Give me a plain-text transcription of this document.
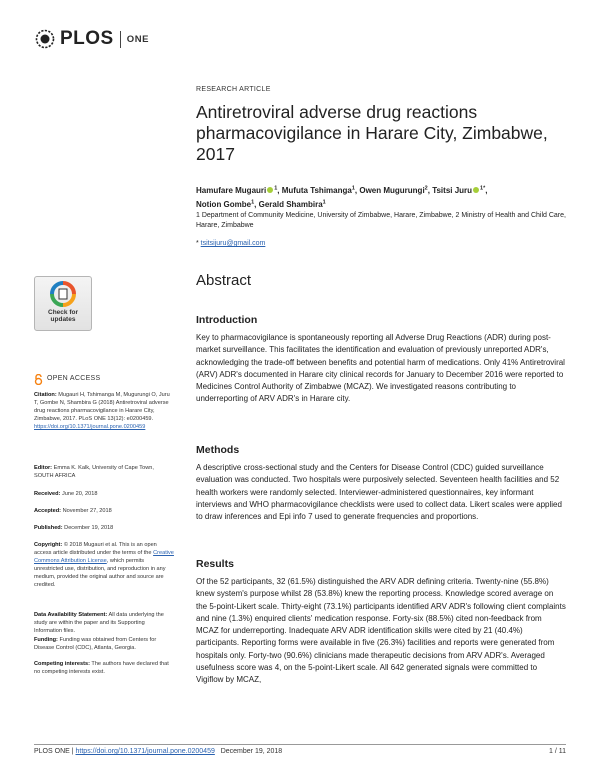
PLOS ONE
RESEARCH ARTICLE
Antiretroviral adverse drug reactions pharmacovigilance in Harare City, Zimbabwe, 2017
Hamufare Mugauri $^1$, Mufuta Tshimanga$^1$, Owen Mugurungi$^2$, Tsitsi Juru $^{1*}$,
Notion Gombe$^1$, Gerald Shambira$^1$
1 Department of Community Medicine, University of Zimbabwe, Harare, Zimbabwe, 2 Ministry of Health and Child Care, Harare, Zimbabwe
* tsitsijuru@gmail.com
Abstract
Introduction

Key to pharmacovigilance is spontaneously reporting all Adverse Drug Reactions (ADR) during post-market surveillance. This facilitates the identification and evaluation of previously unreported ADR's, acknowledging the trade-off between benefits and potential harm of medications. Only 41% Antiretroviral (ARV) ADR's documented in Harare city clinical records for January to December 2016 were reported to Medicines Control Authority of Zimbabwe (MCAZ). We investigated reasons contributing to underreporting of ARV ADR's in Harare city.

Methods

A descriptive cross-sectional study and the Centers for Disease Control (CDC) guided surveillance evaluation was conducted. Two hospitals were purposively selected. Seventeen health facilities and 52 health workers were randomly selected. Interviewer-administered questionnaires, key informant interviews and WHO pharmacovigilance checklists were used to collect data. Likert scales were applied to draw inferences and Epi info 7 used to generate frequencies and proportions.

Results

Of the 52 participants, 32 (61.5%) distinguished the ARV ADR defining criteria. Twenty-nine (55.8%) knew system's purpose whilst 28 (53.8%) knew the reporting process. Knowledge scored average on the 5-point-Likert scale. Thirty-eight (73.1%) participants identified ARV ADR's following client complaints and nine (1.3%) enquired clients' medication response. Forty-six (88.5%) cited non-feedback from MCAZ for underreporting. Inadequate ARV ADR identification skills were cited by 21 (40.4%) participants. Reporting forms were available in five (26.3%) facilities and reports were generated from hospitals only. Forty-two (90.6%) clinicians made therapeutic decisions from ARV ADR's. Averaged usefulness score was 4, on the 5-point-Likert scale. All 642 generated signals were committed to Vigiflow by MCAZ,

Check for updates
OPEN ACCESS
Citation: Mugauri H, Tshimanga M, Mugurungi O, Juru T, Gombe N, Shambira G (2018) Antiretroviral adverse drug reactions pharmacovigilance in Harare City, Zimbabwe, 2017. PLoS ONE 13(12): e0200459. https://doi.org/10.1371/journal.pone.0200459
Editor: Emma K. Kalk, University of Cape Town, SOUTH AFRICA
Received: June 20, 2018
Accepted: November 27, 2018
Published: December 19, 2018
Copyright: © 2018 Mugauri et al. This is an open access article distributed under the terms of the Creative Commons Attribution License, which permits unrestricted use, distribution, and reproduction in any medium, provided the original author and source are credited.
Data Availability Statement: All data underlying the study are within the paper and its Supporting Information files.
Funding: Funding was obtained from Centers for Disease Control (CDC), Atlanta, Georgia.
Competing interests: The authors have declared that no competing interests exist.
PLOS ONE | https://doi.org/10.1371/journal.pone.0200459 December 19, 2018	1 / 11
